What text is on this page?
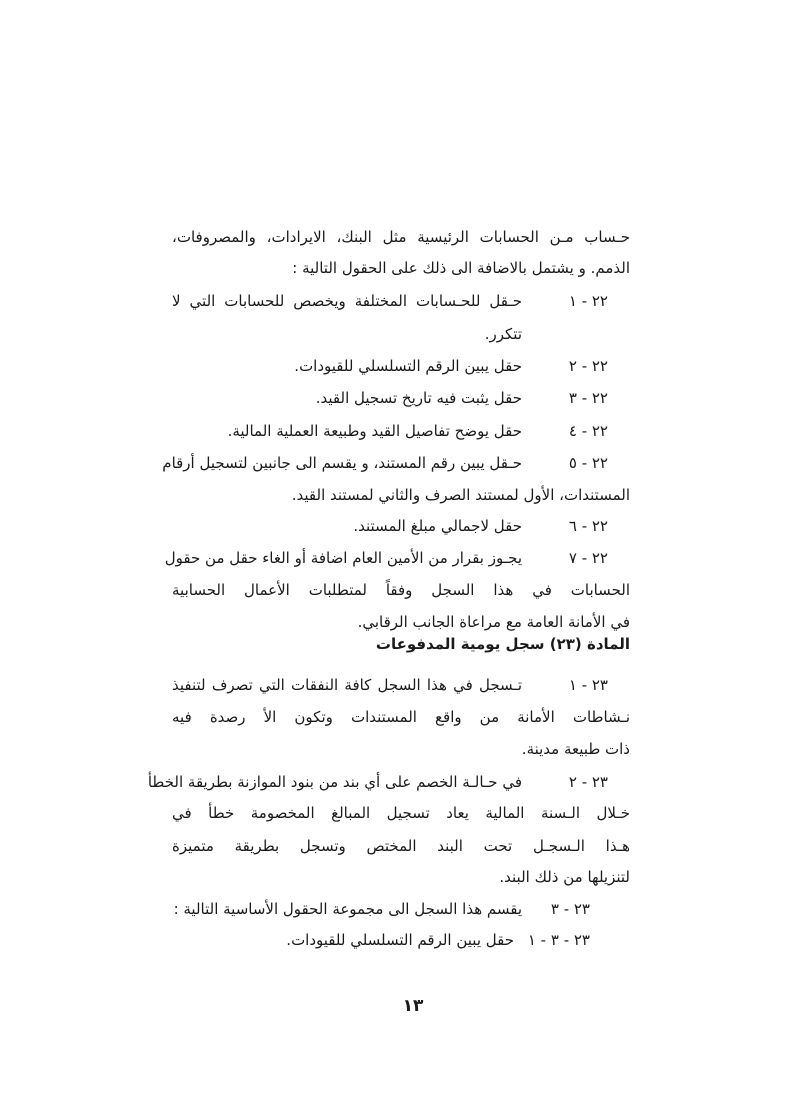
حـساب مـن الحسابات الرئيسية مثل البنك، الايرادات، والمصروفات،
الذمم. و يشتمل بالاضافة الى ذلك على الحقول التالية :
٢٢ - ١
حـقل للحـسابات المختلفة ويخصص للحسابات التي لا
تتكرر.
٢٢ - ٢
حقل يبين الرقم التسلسلي للقيودات.
٢٢ - ٣
حقل يثبت فيه تاريخ تسجيل القيد.
٢٢ - ٤
حقل يوضح تفاصيل القيد وطبيعة العملية المالية.
٢٢ - ٥
حـقل يبين رقم المستند، و يقسم الى جانبين لتسجيل أرقام
المستندات، الأول لمستند الصرف والثاني لمستند القيد.
٢٢ - ٦
حقل لاجمالي مبلغ المستند.
٢٢ - ٧
يجـوز بقرار من الأمين العام اضافة أو الغاء حقل من حقول
الحسابات في هذا السجل وفقاً لمتطلبات الأعمال الحسابية
في الأمانة العامة مع مراعاة الجانب الرقابي.
المادة (٢٣) سجل يومية المدفوعات
٢٣ - ١
تـسجل في هذا السجل كافة النفقات التي تصرف لتنفيذ
نـشاطات الأمانة من واقع المستندات وتكون الأ رصدة فيه
ذات طبيعة مدينة.
٢٣ - ٢
في حـالـة الخصم على أي بند من بنود الموازنة بطريقة الخطأ
خـلال الـسنة المالية يعاد تسجيل المبالغ المخصومة خطأ في
هـذا الـسجـل تحت البند المختص وتسجل بطريقة متميزة
لتنزيلها من ذلك البند.
٢٣ - ٣
يقسم هذا السجل الى مجموعة الحقول الأساسية التالية :
٢٣ - ٣ - ١
حقل يبين الرقم التسلسلي للقيودات.
١٣
